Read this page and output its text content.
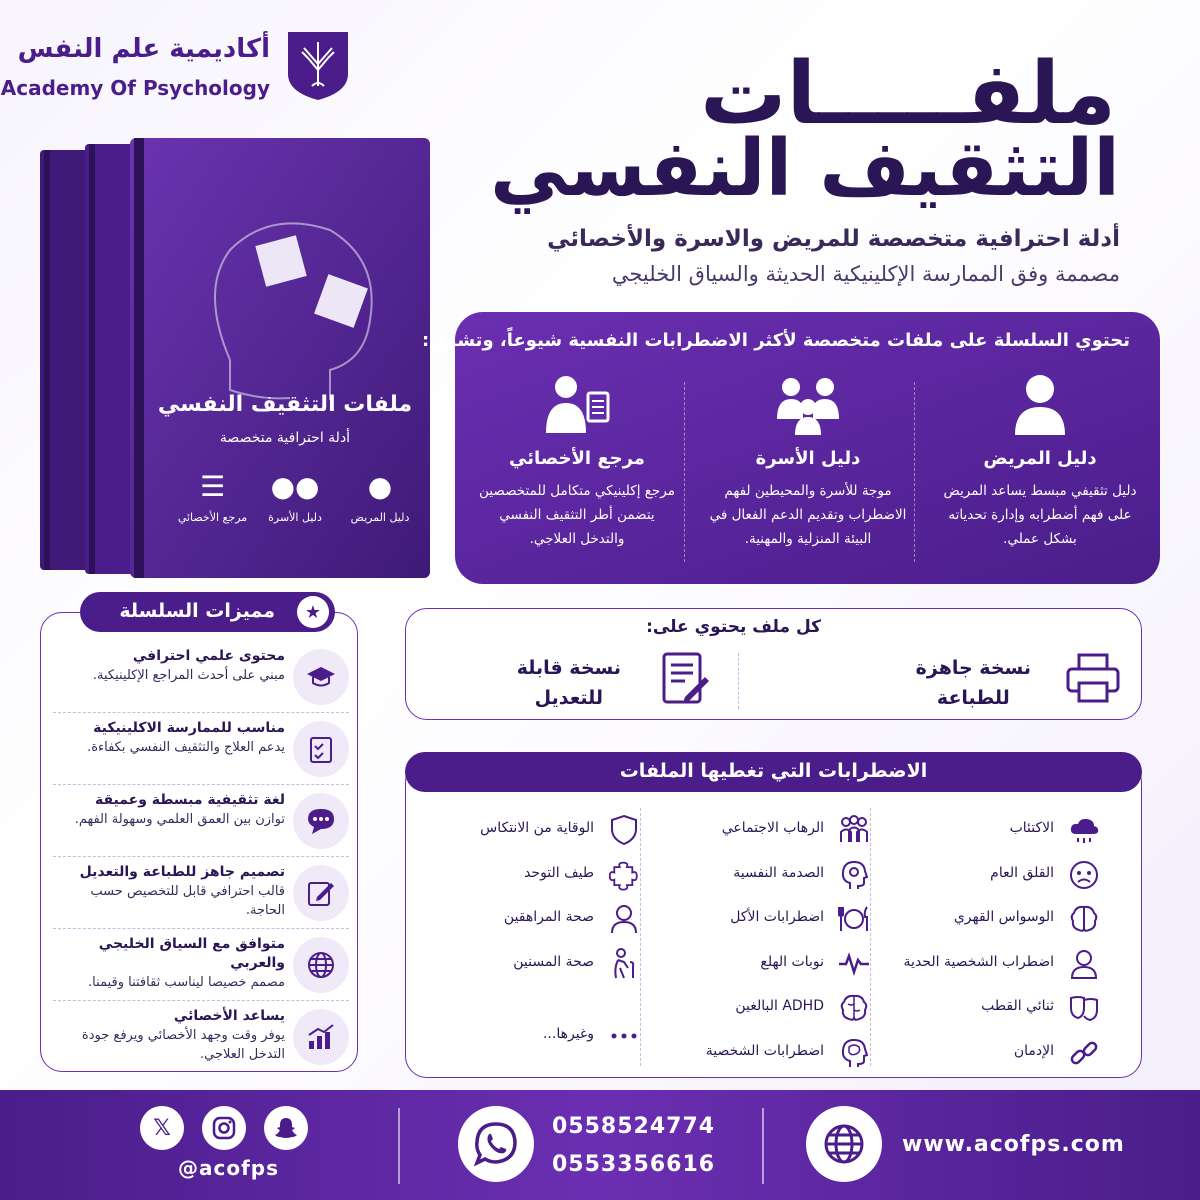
أكاديمية علم النفس
Academy Of Psychology	ملفـــــات
التثقيف النفسي
أدلة احترافية متخصصة للمريض والاسرة والأخصائي
مصممة وفق الممارسة الإكلينيكية الحديثة والسياق الخليجي
ملفات التثقيف النفسي
أدلة احترافية متخصصة
●
دليل المريض
●●
دليل الأسرة
☰
مرجع الأخصائي
تحتوي السلسلة على ملفات متخصصة لأكثر الاضطرابات النفسية شيوعاً، وتشمل:
دليل المريض
دليل تثقيفي مبسط يساعد المريض على فهم أضطرابه وإدارة تحدياته بشكل عملي.
دليل الأسرة
موجة للأسرة والمحيطين لفهم الاضطراب وتقديم الدعم الفعال في البيئة المنزلية والمهنية.
مرجع الأخصائي
مرجع إكلينيكي متكامل للمتخصصين يتضمن أطر التثقيف النفسي والتدخل العلاجي.
محتوى علمي احترافي
مبني على أحدث المراجع الإكلينيكية.
مناسب للممارسة الاكلينيكية
يدعم العلاج والتثقيف النفسي بكفاءة.
لغة تثقيفية مبسطة وعميقة
توازن بين العمق العلمي وسهولة الفهم.
تصميم جاهز للطباعة والتعديل
قالب احترافي قابل للتخصيص حسب الحاجة.
متوافق مع السياق الخليجي والعربي
مصمم خصيصا ليناسب ثقافتنا وقيمنا.
يساعد الأخصائي
يوفر وقت وجهد الأخصائي ويرفع جودة التدخل العلاجي.
مميزات السلسلة	★
كل ملف يحتوي على:
نسخة جاهزة
للطباعة
نسخة قابلة
للتعديل
الاضطرابات التي تغطيها الملفات
الاكتئاب
القلق العام
الوسواس القهري
اضطراب الشخصية الحدية
ثنائي القطب
الإدمان
الرهاب الاجتماعي
الصدمة النفسية
اضطرابات الأكل
نوبات الهلع
ADHD البالغين
اضطرابات الشخصية
الوقاية من الانتكاس
طيف التوحد
صحة المراهقين
صحة المسنين
وغيرها...
𝕏
@acofps
0558524774
0553356616
www.acofps.com
